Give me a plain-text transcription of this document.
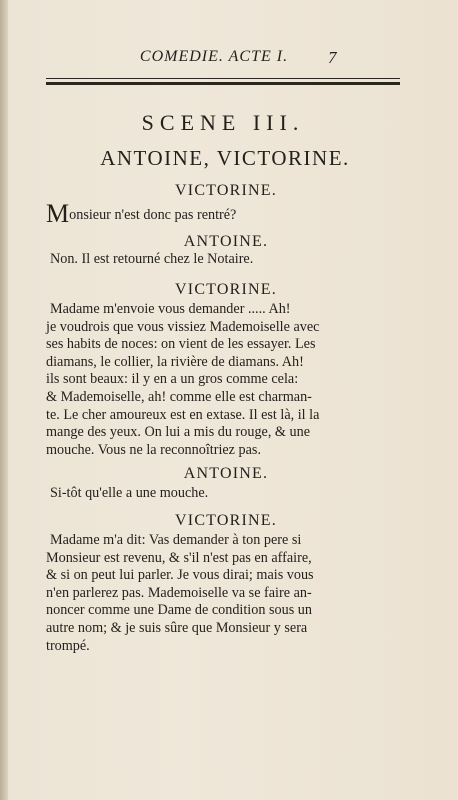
COMEDIE. ACTE I.	7
SCENE III.
ANTOINE, VICTORINE.
VICTORINE.
Monsieur n'est donc pas rentré?
ANTOINE.
Non. Il est retourné chez le Notaire.
VICTORINE.
Madame m'envoie vous demander ..... Ah!
je voudrois que vous vissiez Mademoiselle avec
ses habits de noces: on vient de les essayer. Les
diamans, le collier, la rivière de diamans. Ah!
ils sont beaux: il y en a un gros comme cela:
& Mademoiselle, ah! comme elle est charman-
te. Le cher amoureux est en extase. Il est là, il la
mange des yeux. On lui a mis du rouge, & une
mouche. Vous ne la reconnoîtriez pas.
ANTOINE.
Si-tôt qu'elle a une mouche.
VICTORINE.
Madame m'a dit: Vas demander à ton pere si
Monsieur est revenu, & s'il n'est pas en affaire,
& si on peut lui parler. Je vous dirai; mais vous
n'en parlerez pas. Mademoiselle va se faire an-
noncer comme une Dame de condition sous un
autre nom; & je suis sûre que Monsieur y sera
trompé.
